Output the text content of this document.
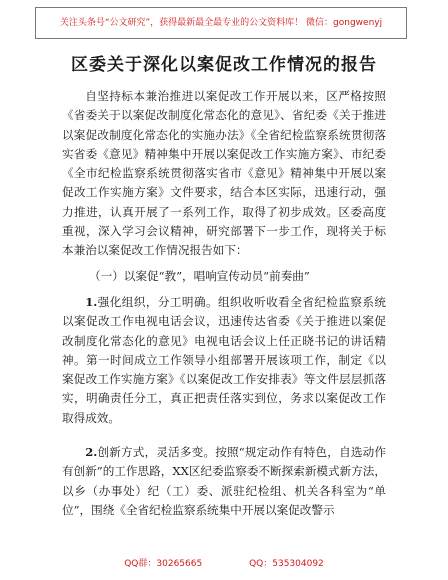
关注头条号“公文研究”，获得最新最全最专业的公文资料库！ 微信：gongwenyj
区委关于深化以案促改工作情况的报告

自坚持标本兼治推进以案促改工作开展以来，区严格按照《省委关于以案促改制度化常态化的意见》、省纪委《关于推进以案促改制度化常态化的实施办法》《全省纪检监察系统贯彻落实省委《意见》精神集中开展以案促改工作实施方案》、市纪委《全市纪检监察系统贯彻落实省市《意见》精神集中开展以案促改工作实施方案》文件要求，结合本区实际，迅速行动，强力推进，认真开展了一系列工作，取得了初步成效。区委高度重视，深入学习会议精神，研究部署下一步工作，现将关于标本兼治以案促改工作情况报告如下：

（一）以案促“教”，唱响宣传动员“前奏曲”

1.强化组织，分工明确。组织收听收看全省纪检监察系统以案促改工作电视电话会议，迅速传达省委《关于推进以案促改制度化常态化的意见》电视电话会议上任正晓书记的讲话精神。第一时间成立工作领导小组部署开展该项工作，制定《以案促改工作实施方案》《以案促改工作安排表》等文件层层抓落实，明确责任分工，真正把责任落实到位，务求以案促改工作取得成效。

2.创新方式，灵活多变。按照“规定动作有特色，自选动作有创新”的工作思路，XX区纪委监察委不断探索新模式新方法，以乡（办事处）纪（工）委、派驻纪检组、机关各科室为“单位”，围绕《全省纪检监察系统集中开展以案促改警示

QQ群：30265665	QQ：535304092
